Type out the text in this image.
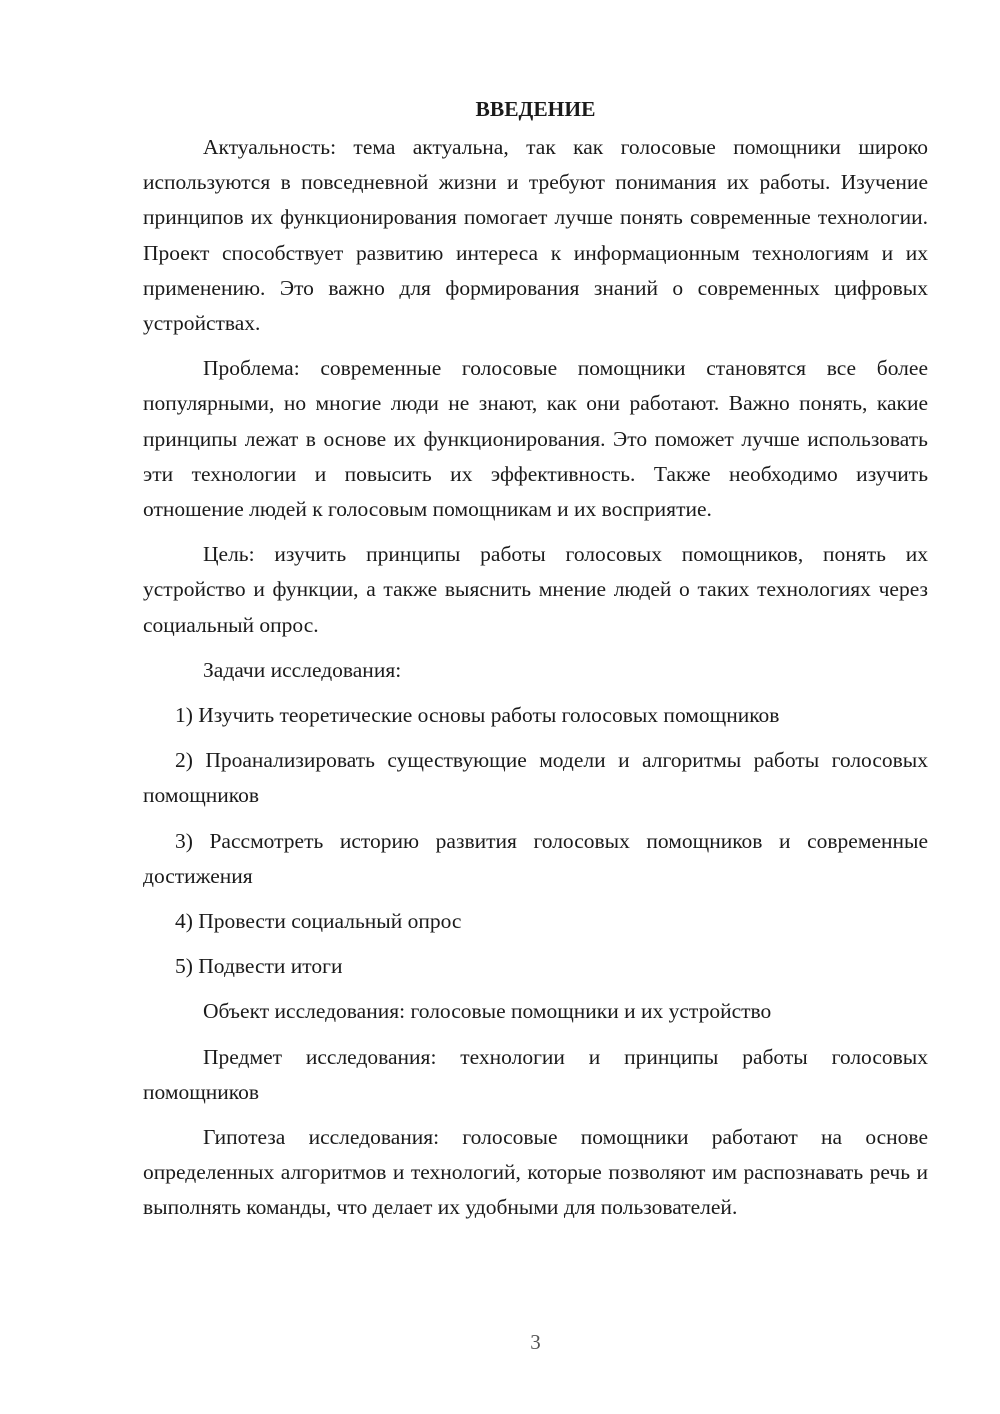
ВВЕДЕНИЕ

Актуальность: тема актуальна, так как голосовые помощники широко используются в повседневной жизни и требуют понимания их работы. Изучение принципов их функционирования помогает лучше понять современные технологии. Проект способствует развитию интереса к информационным технологиям и их применению. Это важно для формирования знаний о современных цифровых устройствах.

Проблема: современные голосовые помощники становятся все более популярными, но многие люди не знают, как они работают. Важно понять, какие принципы лежат в основе их функционирования. Это поможет лучше использовать эти технологии и повысить их эффективность. Также необходимо изучить отношение людей к голосовым помощникам и их восприятие.

Цель: изучить принципы работы голосовых помощников, понять их устройство и функции, а также выяснить мнение людей о таких технологиях через социальный опрос.

Задачи исследования:

1) Изучить теоретические основы работы голосовых помощников

2) Проанализировать существующие модели и алгоритмы работы голосовых помощников

3) Рассмотреть историю развития голосовых помощников и современные достижения

4) Провести социальный опрос

5) Подвести итоги

Объект исследования: голосовые помощники и их устройство

Предмет исследования: технологии и принципы работы голосовых помощников

Гипотеза исследования: голосовые помощники работают на основе определенных алгоритмов и технологий, которые позволяют им распознавать речь и выполнять команды, что делает их удобными для пользователей.

3
